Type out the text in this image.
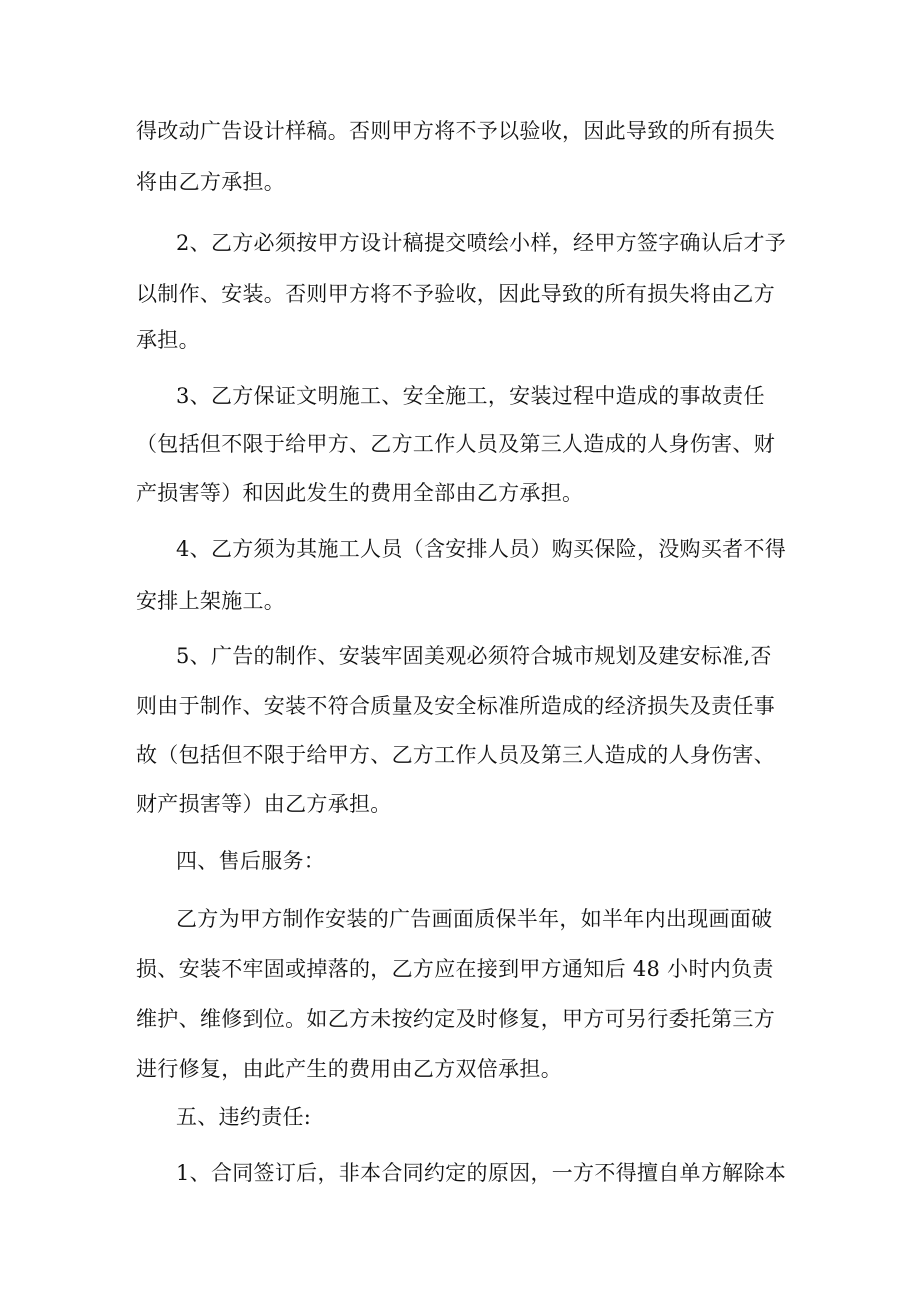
得改动广告设计样稿。否则甲方将不予以验收，因此导致的所有损失
将由乙方承担。
2、乙方必须按甲方设计稿提交喷绘小样，经甲方签字确认后才予
以制作、安装。否则甲方将不予验收，因此导致的所有损失将由乙方
承担。
3、乙方保证文明施工、安全施工，安装过程中造成的事故责任
（包括但不限于给甲方、乙方工作人员及第三人造成的人身伤害、财
产损害等）和因此发生的费用全部由乙方承担。
4、乙方须为其施工人员（含安排人员）购买保险，没购买者不得
安排上架施工。
5、广告的制作、安装牢固美观必须符合城市规划及建安标准,否
则由于制作、安装不符合质量及安全标准所造成的经济损失及责任事
故（包括但不限于给甲方、乙方工作人员及第三人造成的人身伤害、
财产损害等）由乙方承担。
四、售后服务：
乙方为甲方制作安装的广告画面质保半年，如半年内出现画面破
损、安装不牢固或掉落的，乙方应在接到甲方通知后 48 小时内负责
维护、维修到位。如乙方未按约定及时修复，甲方可另行委托第三方
进行修复，由此产生的费用由乙方双倍承担。
五、违约责任:
1、合同签订后，非本合同约定的原因，一方不得擅自单方解除本
